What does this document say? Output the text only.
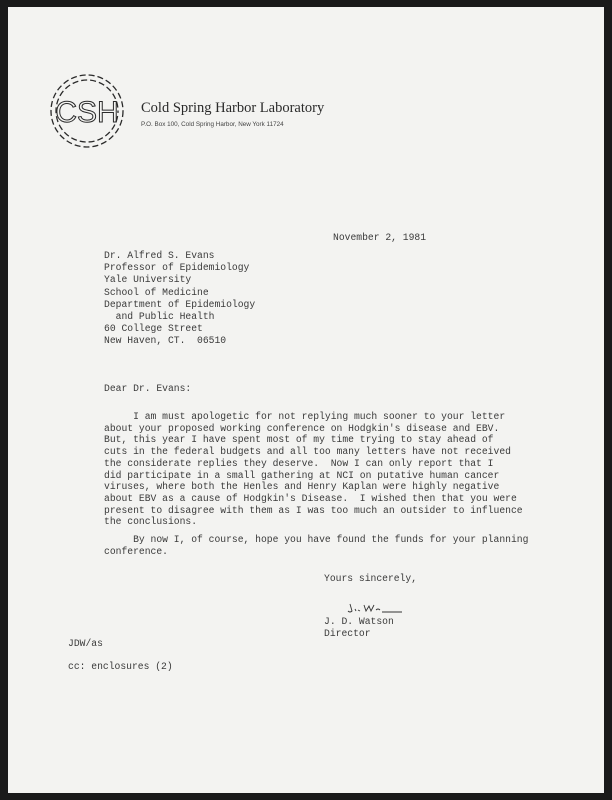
CSH Cold Spring Harbor Laboratory
P.O. Box 100, Cold Spring Harbor, New York 11724
November 2, 1981
Dr. Alfred S. Evans
Professor of Epidemiology
Yale University
School of Medicine
Department of Epidemiology
and Public Health
60 College Street
New Haven, CT.  06510
Dear Dr. Evans:
I am must apologetic for not replying much sooner to your letter
about your proposed working conference on Hodgkin's disease and EBV.
But, this year I have spent most of my time trying to stay ahead of
cuts in the federal budgets and all too many letters have not received
the considerate replies they deserve.  Now I can only report that I
did participate in a small gathering at NCI on putative human cancer
viruses, where both the Henles and Henry Kaplan were highly negative
about EBV as a cause of Hodgkin's Disease.  I wished then that you were
present to disagree with them as I was too much an outsider to influence
the conclusions.
By now I, of course, hope you have found the funds for your planning
conference.
Yours sincerely,
J. D. Watson
Director
JDW/as
cc: enclosures (2)
